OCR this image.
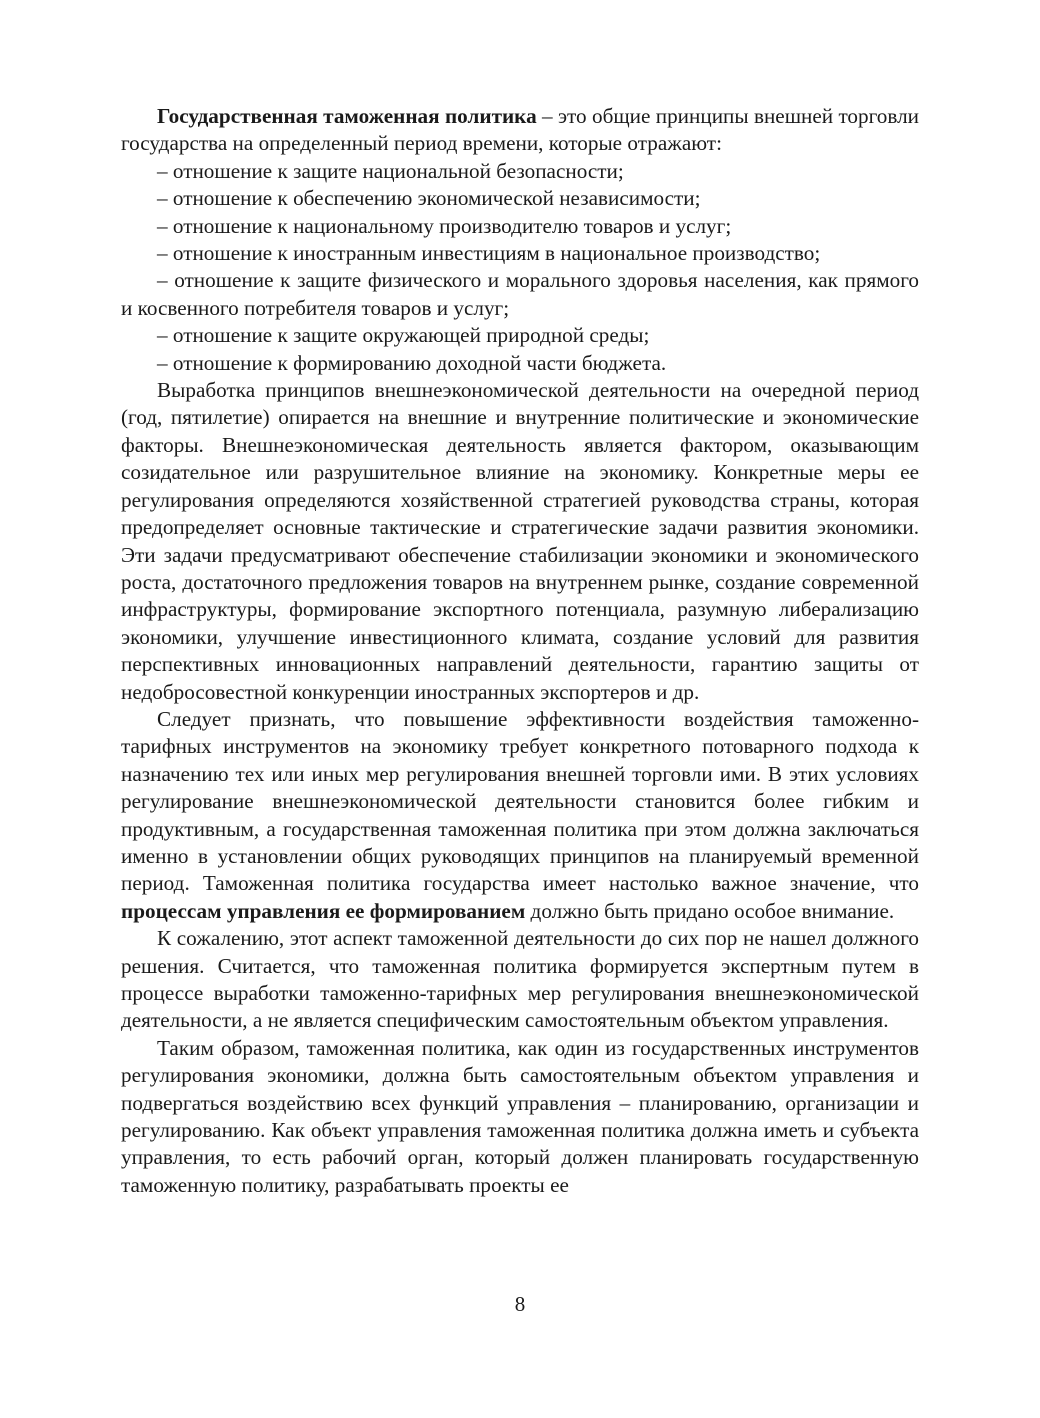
Государственная таможенная политика – это общие принципы внешней торговли государства на определенный период времени, которые отражают:

– отношение к защите национальной безопасности;

– отношение к обеспечению экономической независимости;

– отношение к национальному производителю товаров и услуг;

– отношение к иностранным инвестициям в национальное производство;

– отношение к защите физического и морального здоровья населения, как прямого и косвенного потребителя товаров и услуг;

– отношение к защите окружающей природной среды;

– отношение к формированию доходной части бюджета.

Выработка принципов внешнеэкономической деятельности на очередной период (год, пятилетие) опирается на внешние и внутренние политические и экономические факторы. Внешнеэкономическая деятельность является фактором, оказывающим созидательное или разрушительное влияние на экономику. Конкретные меры ее регулирования определяются хозяйственной стратегией руководства страны, которая предопределяет основные тактические и стратегические задачи развития экономики. Эти задачи предусматривают обеспечение стабилизации экономики и экономического роста, достаточного предложения товаров на внутреннем рынке, создание современной инфраструктуры, формирование экспортного потенциала, разумную либерализацию экономики, улучшение инвестиционного климата, создание условий для развития перспективных инновационных направлений деятельности, гарантию защиты от недобросовестной конкуренции иностранных экспортеров и др.

Следует признать, что повышение эффективности воздействия таможенно-тарифных инструментов на экономику требует конкретного потоварного подхода к назначению тех или иных мер регулирования внешней торговли ими. В этих условиях регулирование внешнеэкономической деятельности становится более гибким и продуктивным, а государственная таможенная политика при этом должна заключаться именно в установлении общих руководящих принципов на планируемый временной период. Таможенная политика государства имеет настолько важное значение, что процессам управления ее формированием должно быть придано особое внимание.

К сожалению, этот аспект таможенной деятельности до сих пор не нашел должного решения. Считается, что таможенная политика формируется экспертным путем в процессе выработки таможенно-тарифных мер регулирования внешнеэкономической деятельности, а не является специфическим самостоятельным объектом управления.

Таким образом, таможенная политика, как один из государственных инструментов регулирования экономики, должна быть самостоятельным объектом управления и подвергаться воздействию всех функций управления – планированию, организации и регулированию. Как объект управления таможенная политика должна иметь и субъекта управления, то есть рабочий орган, который должен планировать государственную таможенную политику, разрабатывать проекты ее

8
